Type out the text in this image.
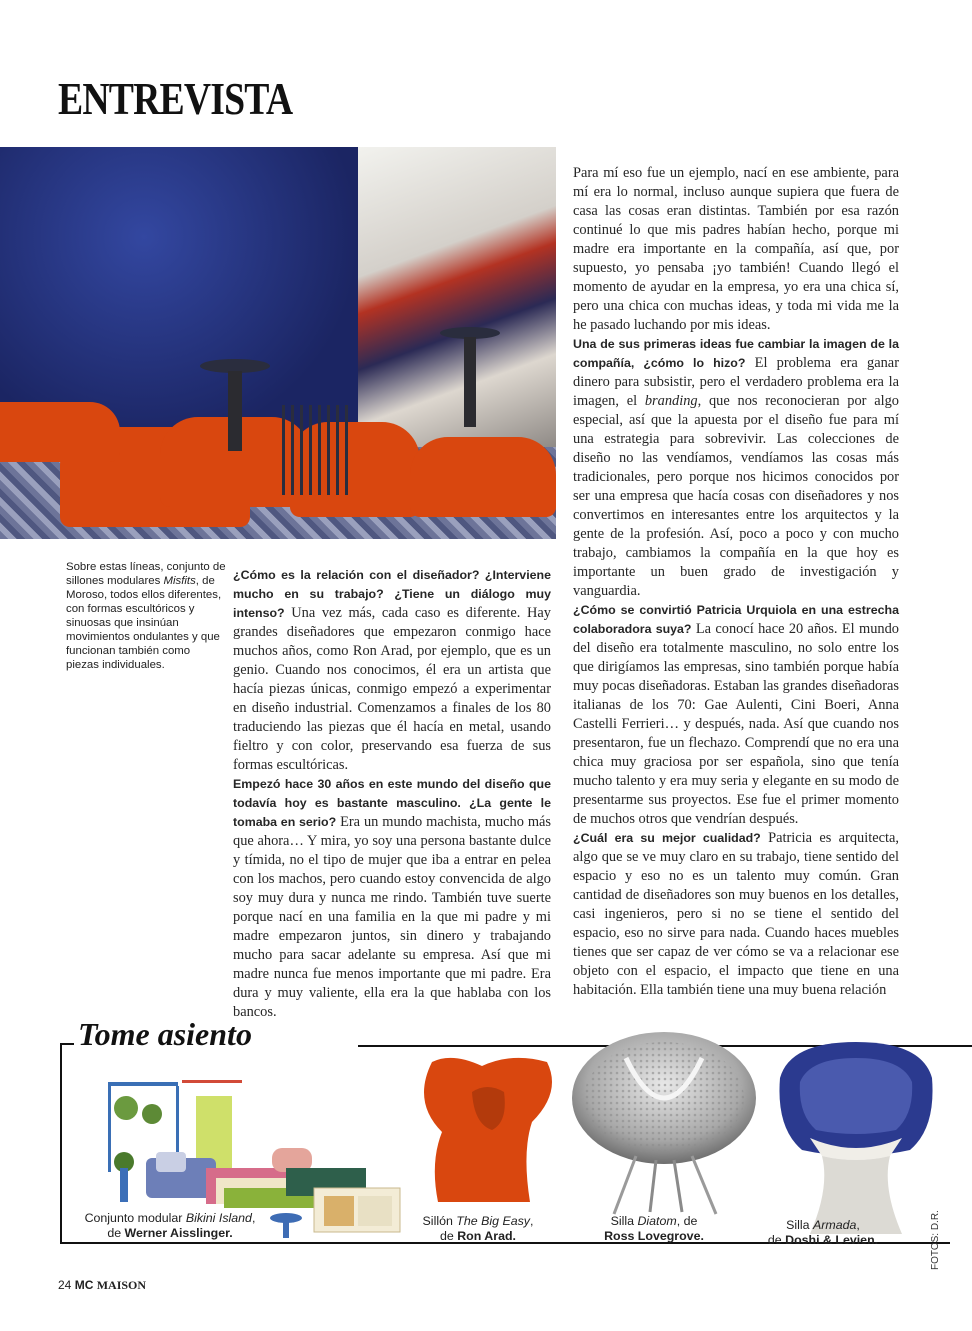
ENTREVISTA
Sobre estas líneas, conjunto de sillones modulares Misfits, de Moroso, todos ellos diferentes, con formas escultóricos y sinuosas que insinúan movimientos ondulantes y que funcionan también como piezas individuales.

¿Cómo es la relación con el diseñador? ¿Interviene mucho en su trabajo? ¿Tiene un diálogo muy intenso? Una vez más, cada caso es diferente. Hay grandes diseñadores que empezaron conmigo hace muchos años, como Ron Arad, por ejemplo, que es un genio. Cuando nos conocimos, él era un artista que hacía piezas únicas, conmigo empezó a experimentar en diseño industrial. Comenzamos a finales de los 80 traduciendo las piezas que él hacía en metal, usando fieltro y con color, preservando esa fuerza de sus formas escultóricas.

Empezó hace 30 años en este mundo del diseño que todavía hoy es bastante masculino. ¿La gente le tomaba en serio? Era un mundo machista, mucho más que ahora… Y mira, yo soy una persona bastante dulce y tímida, no el tipo de mujer que iba a entrar en pelea con los machos, pero cuando estoy convencida de algo soy muy dura y nunca me rindo. También tuve suerte porque nací en una familia en la que mi padre y mi madre empezaron juntos, sin dinero y trabajando mucho para sacar adelante su empresa. Así que mi madre nunca fue menos importante que mi padre. Era dura y muy valiente, ella era la que hablaba con los bancos.

Para mí eso fue un ejemplo, nací en ese ambiente, para mí era lo normal, incluso aunque supiera que fuera de casa las cosas eran distintas. También por esa razón continué lo que mis padres habían hecho, porque mi madre era importante en la compañía, así que, por supuesto, yo pensaba ¡yo también! Cuando llegó el momento de ayudar en la empresa, yo era una chica sí, pero una chica con muchas ideas, y toda mi vida me la he pasado luchando por mis ideas.

Una de sus primeras ideas fue cambiar la imagen de la compañía, ¿cómo lo hizo? El problema era ganar dinero para subsistir, pero el verdadero problema era la imagen, el branding, que nos reconocieran por algo especial, así que la apuesta por el diseño fue para mí una estrategia para sobrevivir. Las colecciones de diseño no las vendíamos, vendíamos las cosas más tradicionales, pero porque nos hicimos conocidos por ser una empresa que hacía cosas con diseñadores y nos convertimos en interesantes entre los arquitectos y la gente de la profesión. Así, poco a poco y con mucho trabajo, cambiamos la compañía en la que hoy es importante un buen grado de investigación y vanguardia.

¿Cómo se convirtió Patricia Urquiola en una estrecha colaboradora suya? La conocí hace 20 años. El mundo del diseño era totalmente masculino, no solo entre los que dirigíamos las empresas, sino también porque había muy pocas diseñadoras. Estaban las grandes diseñadoras italianas de los 70: Gae Aulenti, Cini Boeri, Anna Castelli Ferrieri… y después, nada. Así que cuando nos presentaron, fue un flechazo. Comprendí que no era una chica muy graciosa por ser española, sino que tenía mucho talento y era muy seria y elegante en su modo de presentarme sus proyectos. Ese fue el primer momento de muchos otros que vendrían después.

¿Cuál era su mejor cualidad? Patricia es arquitecta, algo que se ve muy claro en su trabajo, tiene sentido del espacio y eso no es un talento muy común. Gran cantidad de diseñadores son muy buenos en los detalles, casi ingenieros, pero si no se tiene el sentido del espacio, eso no sirve para nada. Cuando haces muebles tienes que ser capaz de ver cómo se va a relacionar ese objeto con el espacio, el impacto que tiene en una habitación. Ella también tiene una muy buena relación

Tome asiento
Conjunto modular Bikini Island,
de Werner Aisslinger.
Sillón The Big Easy,
de Ron Arad.
Silla Diatom, de
Ross Lovegrove.
Silla Armada,
de Doshi & Levien.
24 MC MAISON
FOTOS: D.R.
